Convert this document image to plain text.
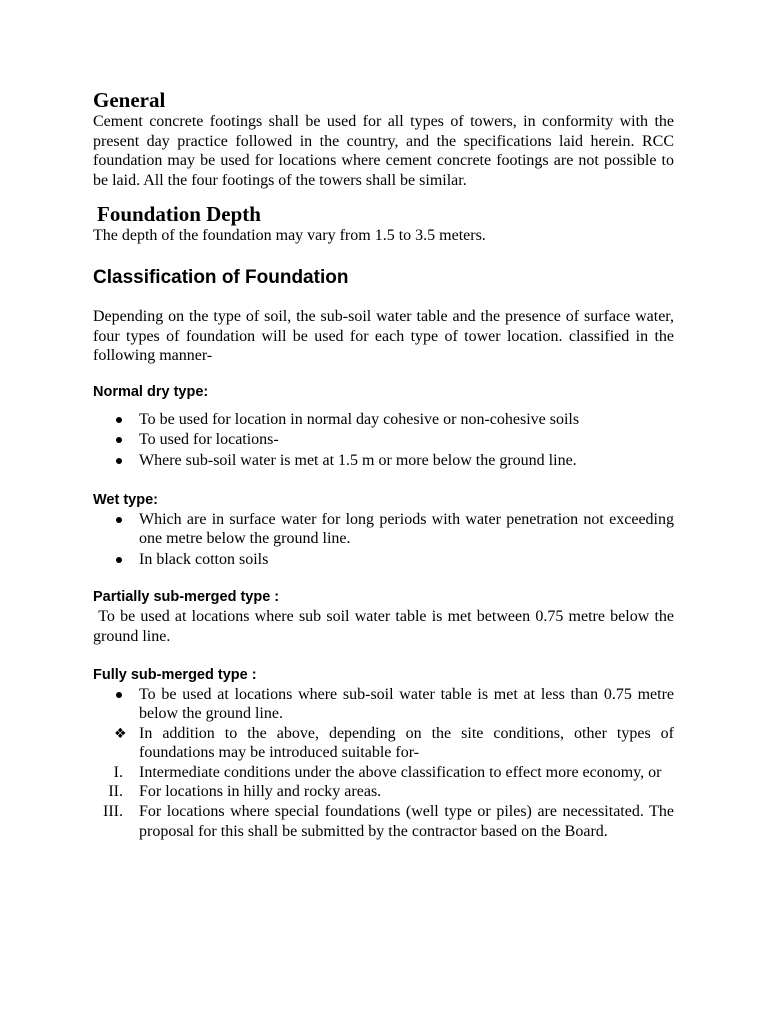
General

Cement concrete footings shall be used for all types of towers, in conformity with the present day practice followed in the country, and the specifications laid herein. RCC foundation may be used for locations where cement concrete footings are not possible to be laid. All the four footings of the towers shall be similar.

Foundation Depth

The depth of the foundation may vary from 1.5 to 3.5 meters.

Classification of Foundation

Depending on the type of soil, the sub-soil water table and the presence of surface water, four types of foundation will be used for each type of tower location. classified in the following manner-

Normal dry type:
To be used for location in normal day cohesive or non-cohesive soils
To used for locations-
Where sub-soil water is met at 1.5 m or more below the ground line.
Wet type:
Which are in surface water for long periods with water penetration not exceeding one metre below the ground line.
In black cotton soils
Partially sub-merged type :

To be used at locations where sub soil water table is met between 0.75 metre below the ground line.

Fully sub-merged type :
To be used at locations where sub-soil water table is met at less than 0.75 metre below the ground line.
❖ In addition to the above, depending on the site conditions, other types of foundations may be introduced suitable for-
I. Intermediate conditions under the above classification to effect more economy, or
II. For locations in hilly and rocky areas.
III. For locations where special foundations (well type or piles) are necessitated. The proposal for this shall be submitted by the contractor based on the Board.
